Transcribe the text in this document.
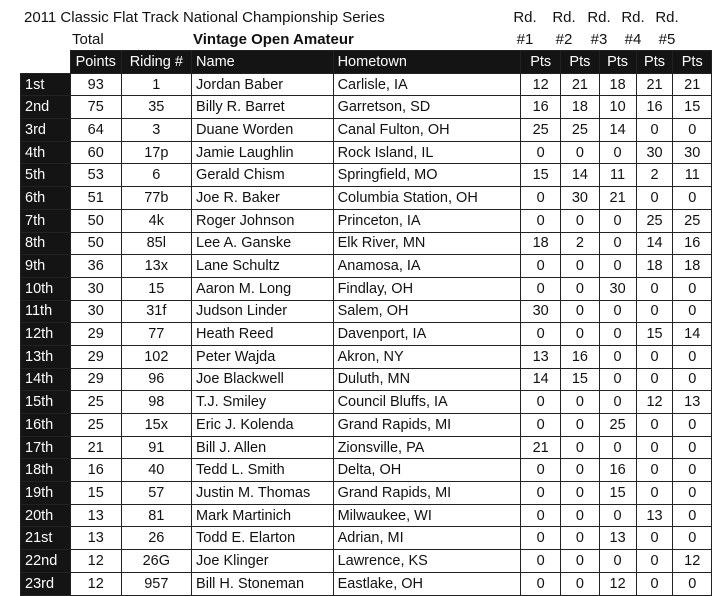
2011 Classic Flat Track National Championship Series
Total	Vintage Open Amateur
Rd.
#1
Rd.
#2
Rd.
#3
Rd.
#4
Rd.
#5
	Points	Riding #	Name	Hometown	Pts	Pts	Pts	Pts	Pts
1st	93	1	Jordan Baber	Carlisle, IA	12	21	18	21	21
2nd	75	35	Billy R. Barret	Garretson, SD	16	18	10	16	15
3rd	64	3	Duane Worden	Canal Fulton, OH	25	25	14	0	0
4th	60	17p	Jamie Laughlin	Rock Island, IL	0	0	0	30	30
5th	53	6	Gerald Chism	Springfield, MO	15	14	11	2	11
6th	51	77b	Joe R. Baker	Columbia Station, OH	0	30	21	0	0
7th	50	4k	Roger Johnson	Princeton, IA	0	0	0	25	25
8th	50	85l	Lee A. Ganske	Elk River, MN	18	2	0	14	16
9th	36	13x	Lane Schultz	Anamosa, IA	0	0	0	18	18
10th	30	15	Aaron M. Long	Findlay, OH	0	0	30	0	0
11th	30	31f	Judson Linder	Salem, OH	30	0	0	0	0
12th	29	77	Heath Reed	Davenport, IA	0	0	0	15	14
13th	29	102	Peter Wajda	Akron, NY	13	16	0	0	0
14th	29	96	Joe Blackwell	Duluth, MN	14	15	0	0	0
15th	25	98	T.J. Smiley	Council Bluffs, IA	0	0	0	12	13
16th	25	15x	Eric J. Kolenda	Grand Rapids, MI	0	0	25	0	0
17th	21	91	Bill J. Allen	Zionsville, PA	21	0	0	0	0
18th	16	40	Tedd L. Smith	Delta, OH	0	0	16	0	0
19th	15	57	Justin M. Thomas	Grand Rapids, MI	0	0	15	0	0
20th	13	81	Mark Martinich	Milwaukee, WI	0	0	0	13	0
21st	13	26	Todd E. Elarton	Adrian, MI	0	0	13	0	0
22nd	12	26G	Joe Klinger	Lawrence, KS	0	0	0	0	12
23rd	12	957	Bill H. Stoneman	Eastlake, OH	0	0	12	0	0
